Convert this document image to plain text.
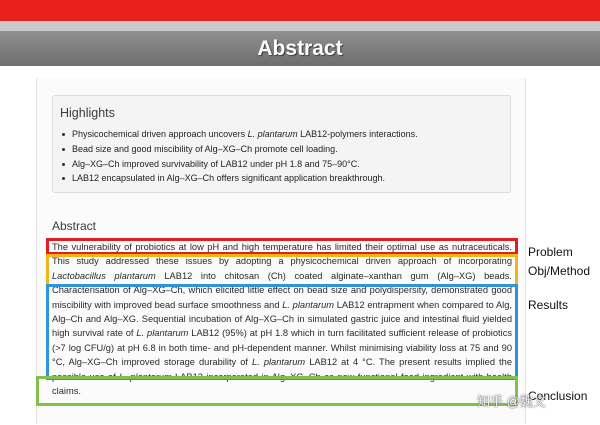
Abstract
Highlights
Physicochemical driven approach uncovers L. plantarum LAB12-polymers interactions.
Bead size and good miscibility of Alg–XG–Ch promote cell loading.
Alg–XG–Ch improved survivability of LAB12 under pH 1.8 and 75–90°C.
LAB12 encapsulated in Alg–XG–Ch offers significant application breakthrough.
Abstract

The vulnerability of probiotics at low pH and high temperature has limited their optimal use as nutraceuticals. This study addressed these issues by adopting a physicochemical driven approach of incorporating Lactobacillus plantarum LAB12 into chitosan (Ch) coated alginate–xanthan gum (Alg–XG) beads. Characterisation of Alg–XG–Ch, which elicited little effect on bead size and polydispersity, demonstrated good miscibility with improved bead surface smoothness and L. plantarum LAB12 entrapment when compared to Alg, Alg–Ch and Alg–XG. Sequential incubation of Alg–XG–Ch in simulated gastric juice and intestinal fluid yielded high survival rate of L. plantarum LAB12 (95%) at pH 1.8 which in turn facilitated sufficient release of probiotics (>7 log CFU/g) at pH 6.8 in both time- and pH-dependent manner. Whilst minimising viability loss at 75 and 90 °C, Alg–XG–Ch improved storage durability of L. plantarum LAB12 at 4 °C. The present results implied the possible use of L. plantarum LAB12 incorporated in Alg–XG–Ch as new functional food ingredient with health claims.

Problem
Obj/Method
Results
Conclusion
知乎 @魏文
